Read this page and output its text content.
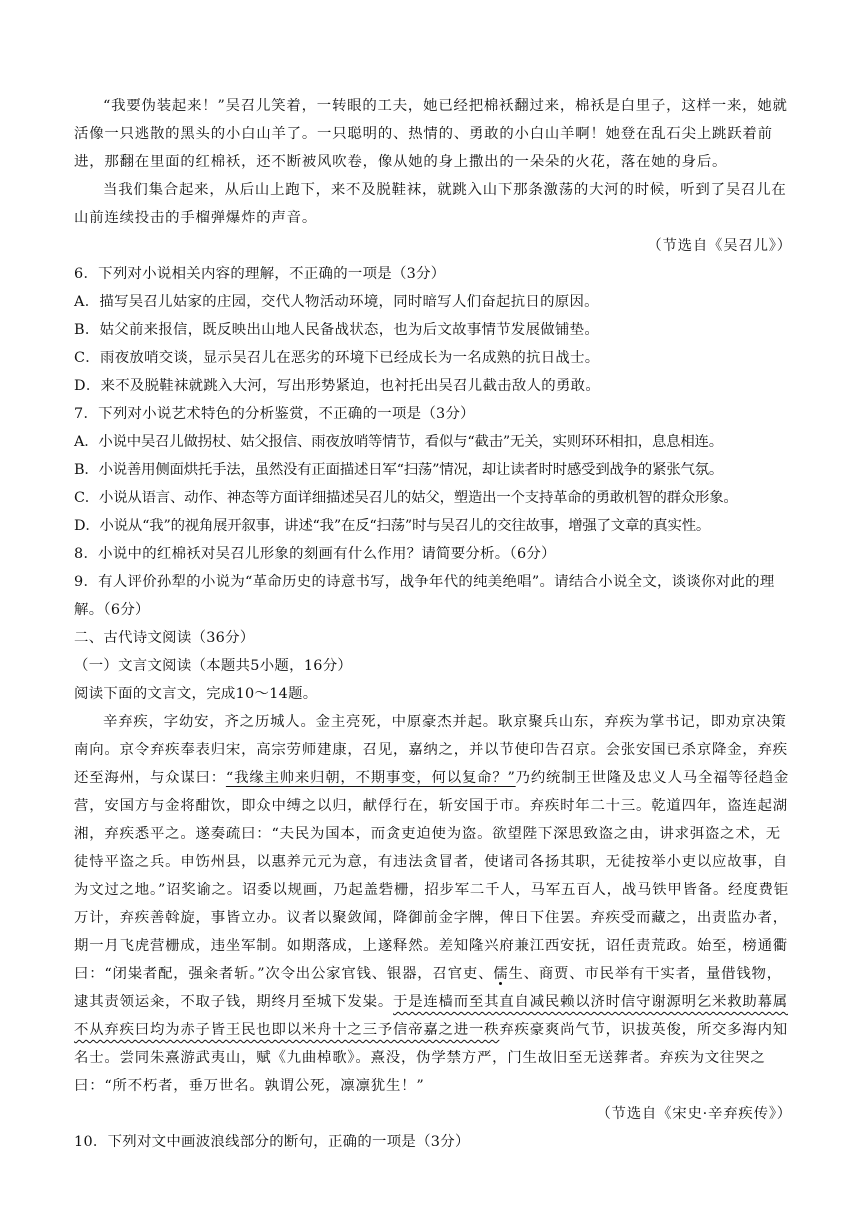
“我要伪装起来！”吴召儿笑着，一转眼的工夫，她已经把棉袄翻过来，棉袄是白里子，这样一来，她就活像一只逃散的黑头的小白山羊了。一只聪明的、热情的、勇敢的小白山羊啊！她登在乱石尖上跳跃着前进，那翻在里面的红棉袄，还不断被风吹卷，像从她的身上撒出的一朵朵的火花，落在她的身后。

当我们集合起来，从后山上跑下，来不及脱鞋袜，就跳入山下那条激荡的大河的时候，听到了吴召儿在山前连续投击的手榴弹爆炸的声音。

（节选自《吴召儿》）

6．下列对小说相关内容的理解，不正确的一项是（3分）

A．描写吴召儿姑家的庄园，交代人物活动环境，同时暗写人们奋起抗日的原因。

B．姑父前来报信，既反映出山地人民备战状态，也为后文故事情节发展做铺垫。

C．雨夜放哨交谈，显示吴召儿在恶劣的环境下已经成长为一名成熟的抗日战士。

D．来不及脱鞋袜就跳入大河，写出形势紧迫，也衬托出吴召儿截击敌人的勇敢。

7．下列对小说艺术特色的分析鉴赏，不正确的一项是（3分）

A．小说中吴召儿做拐杖、姑父报信、雨夜放哨等情节，看似与“截击”无关，实则环环相扣，息息相连。

B．小说善用侧面烘托手法，虽然没有正面描述日军“扫荡”情况，却让读者时时感受到战争的紧张气氛。

C．小说从语言、动作、神态等方面详细描述吴召儿的姑父，塑造出一个支持革命的勇敢机智的群众形象。

D．小说从“我”的视角展开叙事，讲述“我”在反“扫荡”时与吴召儿的交往故事，增强了文章的真实性。

8．小说中的红棉袄对吴召儿形象的刻画有什么作用？请简要分析。（6分）

9．有人评价孙犁的小说为“革命历史的诗意书写，战争年代的纯美绝唱”。请结合小说全文，谈谈你对此的理解。（6分）

二、古代诗文阅读（36分）

（一）文言文阅读（本题共5小题，16分）

阅读下面的文言文，完成10～14题。

辛弃疾，字幼安，齐之历城人。金主亮死，中原豪杰并起。耿京聚兵山东，弃疾为掌书记，即劝京决策南向。京令弃疾奉表归宋，高宗劳师建康，召见，嘉纳之，并以节使印告召京。会张安国已杀京降金，弃疾还至海州，与众谋曰：“我缘主帅来归朝，不期事变，何以复命？”乃约统制王世隆及忠义人马全福等径趋金营，安国方与金将酣饮，即众中缚之以归，献俘行在，斩安国于市。弃疾时年二十三。乾道四年，盗连起湖湘，弃疾悉平之。遂奏疏曰：“夫民为国本，而贪吏迫使为盗。欲望陛下深思致盗之由，讲求弭盗之术，无徒恃平盗之兵。申饬州县，以惠养元元为意，有违法贪冒者，使诸司各扬其职，无徒按举小吏以应故事，自为文过之地。”诏奖谕之。诏委以规画，乃起盖砦栅，招步军二千人，马军五百人，战马铁甲皆备。经度费钜万计，弃疾善斡旋，事皆立办。议者以聚敛闻，降御前金字牌，俾日下住罢。弃疾受而藏之，出责监办者，期一月飞虎营栅成，违坐军制。如期落成，上遂释然。差知隆兴府兼江西安抚，诏任责荒政。始至，榜通衢曰：“闭粜者配，强籴者斩。”次令出公家官钱、银器，召官吏、儒生、商贾、市民举有干实者，量借钱物，逮其责领运籴，不取子钱，期终月至城下发粜。于是连樯而至其直自减民赖以济时信守谢源明乞米救助幕属不从弃疾曰均为赤子皆王民也即以米舟十之三予信帝嘉之进一秩弃疾豪爽尚气节，识拔英俊，所交多海内知名士。尝同朱熹游武夷山，赋《九曲棹歌》。熹没，伪学禁方严，门生故旧至无送葬者。弃疾为文往哭之曰：“所不朽者，垂万世名。孰谓公死，凛凛犹生！”

（节选自《宋史·辛弃疾传》）

10．下列对文中画波浪线部分的断句，正确的一项是（3分）
